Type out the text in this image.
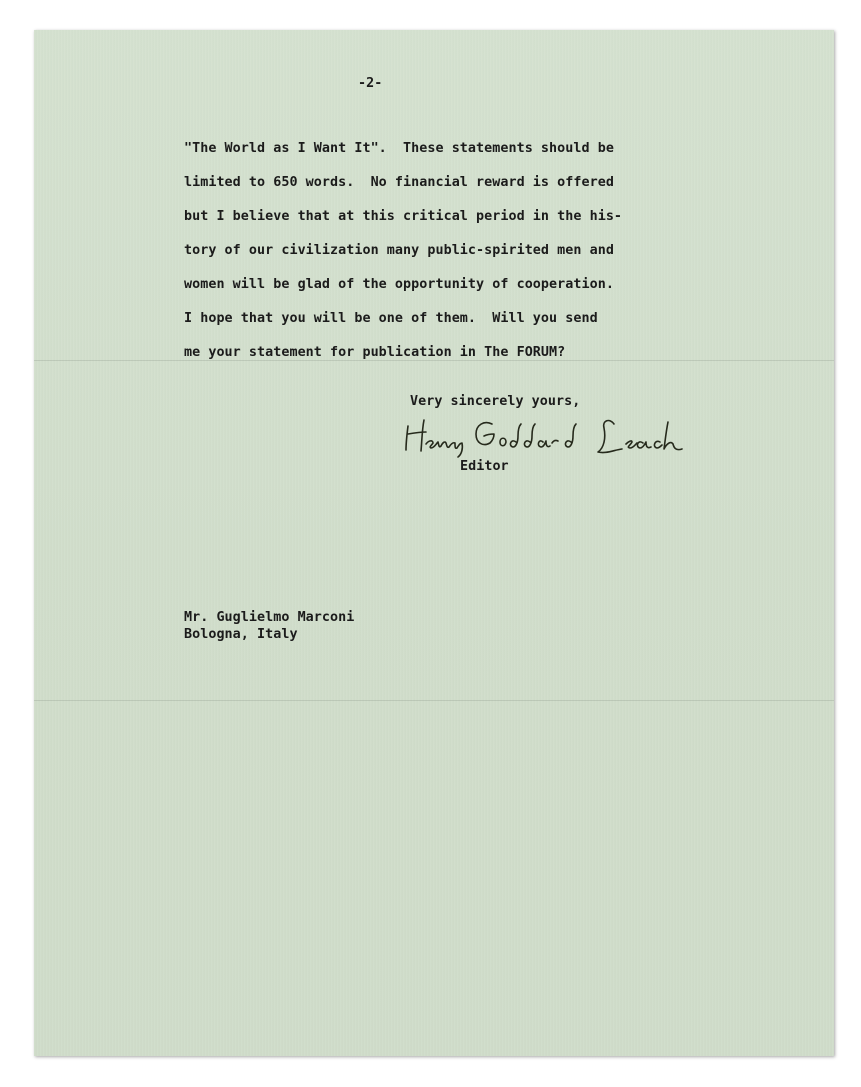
-2-
"The World as I Want It".  These statements should be
limited to 650 words.  No financial reward is offered
but I believe that at this critical period in the his-
tory of our civilization many public-spirited men and
women will be glad of the opportunity of cooperation.
I hope that you will be one of them.  Will you send
me your statement for publication in The FORUM?
Very sincerely yours,
Editor
Mr. Guglielmo Marconi
Bologna, Italy
